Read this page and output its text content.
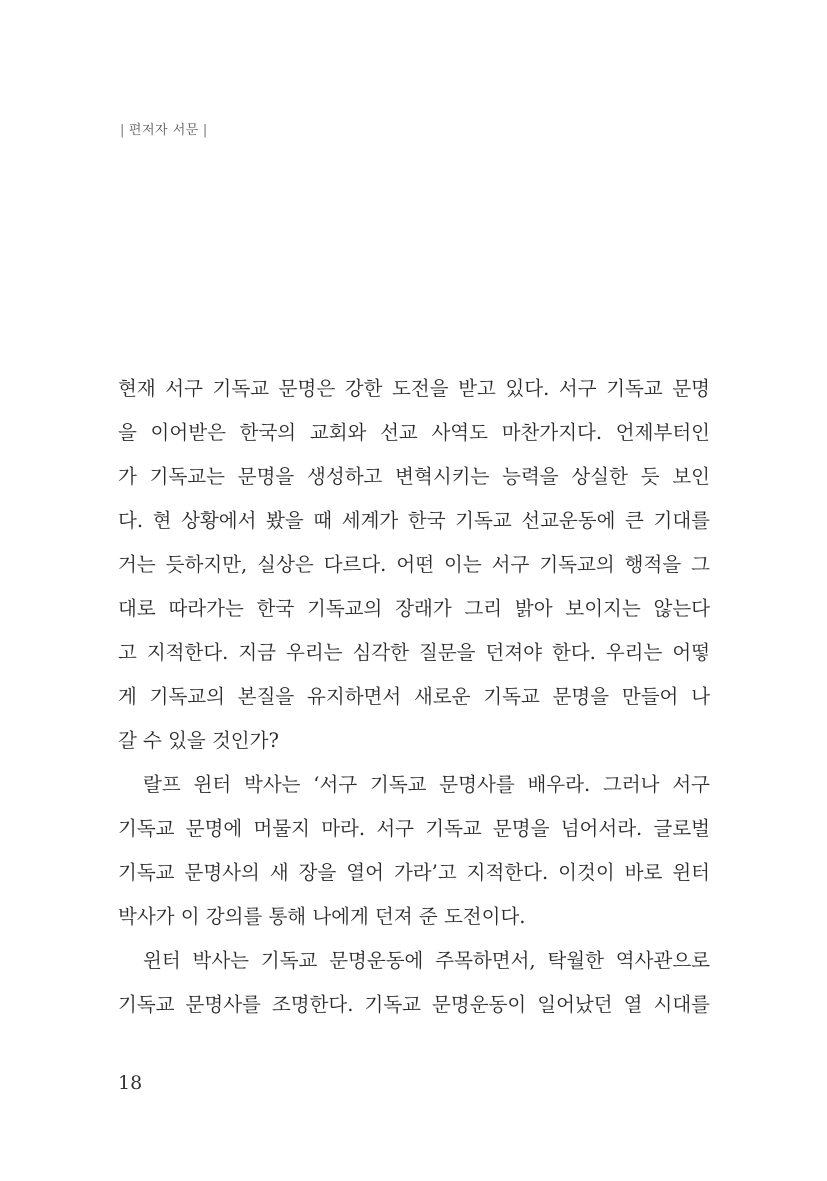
| 편저자 서문 |

현재 서구 기독교 문명은 강한 도전을 받고 있다. 서구 기독교 문명
을 이어받은 한국의 교회와 선교 사역도 마찬가지다. 언제부터인
가 기독교는 문명을 생성하고 변혁시키는 능력을 상실한 듯 보인
다. 현 상황에서 봤을 때 세계가 한국 기독교 선교운동에 큰 기대를
거는 듯하지만, 실상은 다르다. 어떤 이는 서구 기독교의 행적을 그
대로 따라가는 한국 기독교의 장래가 그리 밝아 보이지는 않는다
고 지적한다. 지금 우리는 심각한 질문을 던져야 한다. 우리는 어떻
게 기독교의 본질을 유지하면서 새로운 기독교 문명을 만들어 나
갈 수 있을 것인가?

랄프 윈터 박사는 ‘서구 기독교 문명사를 배우라. 그러나 서구
기독교 문명에 머물지 마라. 서구 기독교 문명을 넘어서라. 글로벌
기독교 문명사의 새 장을 열어 가라’고 지적한다. 이것이 바로 윈터
박사가 이 강의를 통해 나에게 던져 준 도전이다.

윈터 박사는 기독교 문명운동에 주목하면서, 탁월한 역사관으로
기독교 문명사를 조명한다. 기독교 문명운동이 일어났던 열 시대를

18
